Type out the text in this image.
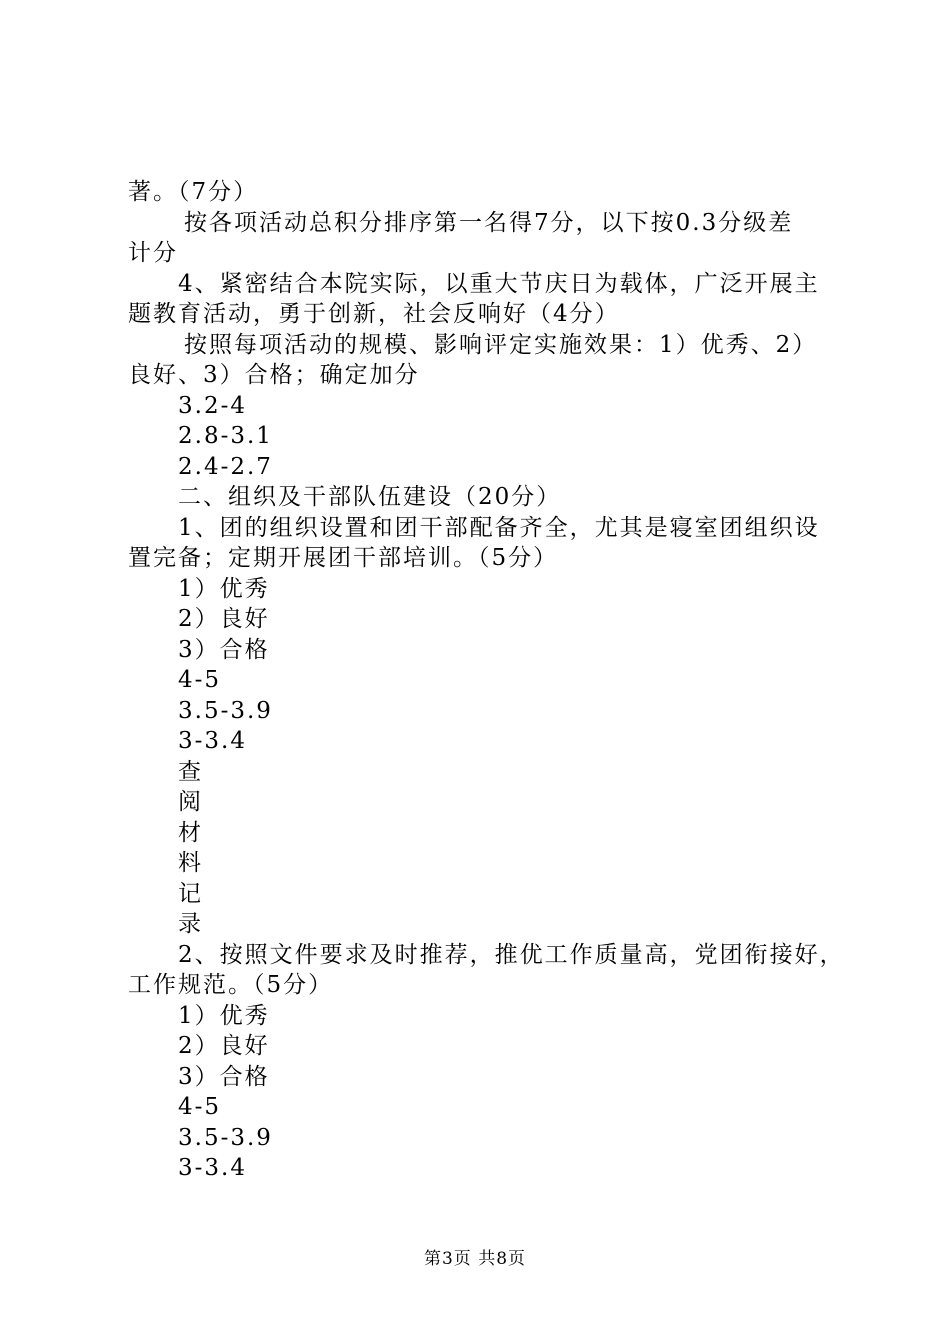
著。（7分）
按各项活动总积分排序第一名得7分，以下按0.3分级差
计分
4、紧密结合本院实际，以重大节庆日为载体，广泛开展主
题教育活动，勇于创新，社会反响好（4分）
按照每项活动的规模、影响评定实施效果：1）优秀、2）
良好、3）合格；确定加分
3.2-4
2.8-3.1
2.4-2.7
二、组织及干部队伍建设（20分）
1、团的组织设置和团干部配备齐全，尤其是寝室团组织设
置完备；定期开展团干部培训。（5分）
1）优秀
2）良好
3）合格
4-5
3.5-3.9
3-3.4
查
阅
材
料
记
录
2、按照文件要求及时推荐，推优工作质量高，党团衔接好，
工作规范。（5分）
1）优秀
2）良好
3）合格
4-5
3.5-3.9
3-3.4
第3页 共8页
